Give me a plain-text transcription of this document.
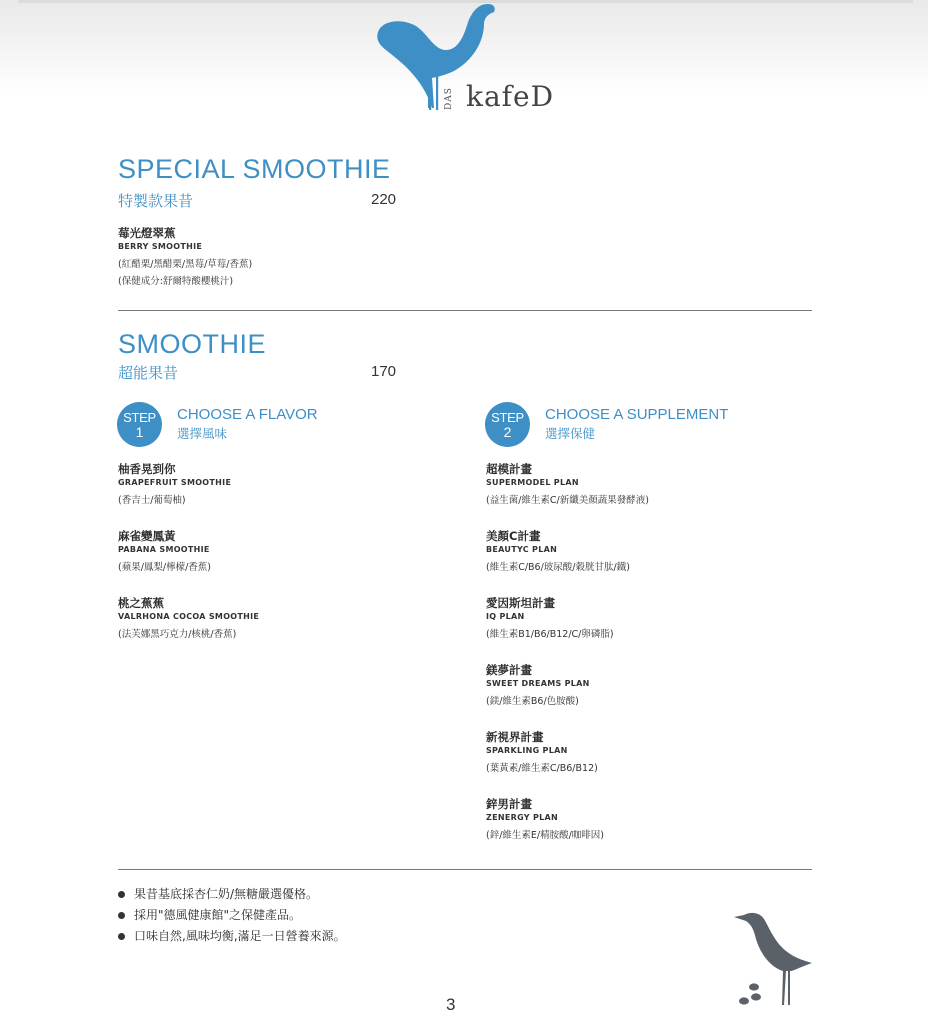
DAS kafeD
SPECIAL SMOOTHIE
特製款果昔	220
莓光燈翠蕉
BERRY SMOOTHIE
(紅醋栗/黑醋栗/黑莓/草莓/香蕉)
(保健成分:舒爾特酸櫻桃汁)
SMOOTHIE
超能果昔	170
STEP
1
CHOOSE A FLAVOR
選擇風味
柚香晃到你
GRAPEFRUIT SMOOTHIE
(香吉士/葡萄柚)
麻雀變鳳黃
PABANA SMOOTHIE
(蘋果/鳳梨/檸檬/香蕉)
桃之蕉蕉
VALRHONA COCOA SMOOTHIE
(法芙娜黑巧克力/核桃/香蕉)
STEP
2
CHOOSE A SUPPLEMENT
選擇保健
超模計畫
SUPERMODEL PLAN
(益生菌/維生素C/新纖美顏蔬果發酵液)
美顏C計畫
BEAUTYC PLAN
(維生素C/B6/玻尿酸/穀胱甘肽/鐵)
愛因斯坦計畫
IQ PLAN
(維生素B1/B6/B12/C/卵磷脂)
鎂夢計畫
SWEET DREAMS PLAN
(鎂/維生素B6/色胺酸)
新視界計畫
SPARKLING PLAN
(葉黃素/維生素C/B6/B12)
鋅男計畫
ZENERGY PLAN
(鋅/維生素E/精胺酸/咖啡因)
果昔基底採杏仁奶/無糖嚴選優格。
採用"德風健康館"之保健產品。
口味自然,風味均衡,滿足一日營養來源。
3
